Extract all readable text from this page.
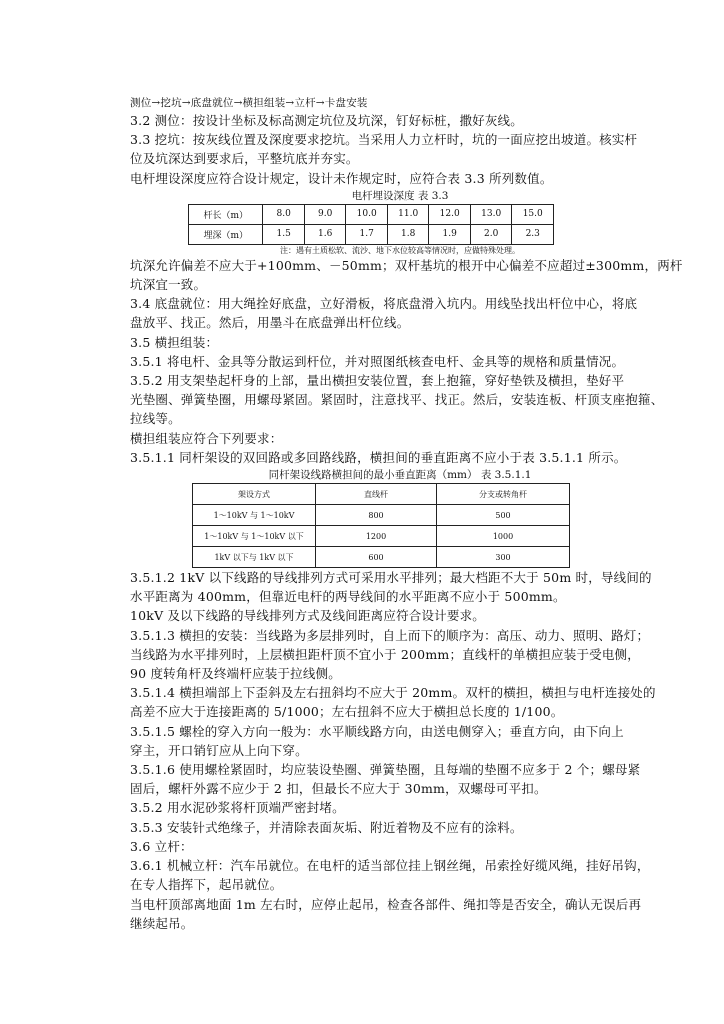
测位→挖坑→底盘就位→横担组装→立杆→卡盘安装

3.2 测位：按设计坐标及标高测定坑位及坑深，钉好标桩，撒好灰线。

3.3 挖坑：按灰线位置及深度要求挖坑。当采用人力立杆时，坑的一面应挖出坡道。核实杆

位及坑深达到要求后，平整坑底并夯实。

电杆埋设深度应符合设计规定，设计未作规定时，应符合表 3.3 所列数值。

电杆埋设深度 表 3.3
杆长（m）	8.0	9.0	10.0	11.0	12.0	13.0	15.0
埋深（m）	1.5	1.6	1.7	1.8	1.9	2.0	2.3
注：遇有土质松软、流沙、地下水位较高等情况时，应做特殊处理。

坑深允许偏差不应大于+100mm、－50mm；双杆基坑的根开中心偏差不应超过±300mm，两杆

坑深宜一致。

3.4 底盘就位：用大绳拴好底盘，立好滑板，将底盘滑入坑内。用线坠找出杆位中心，将底

盘放平、找正。然后，用墨斗在底盘弹出杆位线。

3.5 横担组装：

3.5.1 将电杆、金具等分散运到杆位，并对照图纸核查电杆、金具等的规格和质量情况。

3.5.2 用支架垫起杆身的上部，量出横担安装位置，套上抱箍，穿好垫铁及横担，垫好平

光垫圈、弹簧垫圈，用螺母紧固。紧固时，注意找平、找正。然后，安装连板、杆顶支座抱箍、

拉线等。

横担组装应符合下列要求：

3.5.1.1 同杆架设的双回路或多回路线路，横担间的垂直距离不应小于表 3.5.1.1 所示。

同杆架设线路横担间的最小垂直距离（mm） 表 3.5.1.1
架设方式	直线杆	分支或转角杆
1～10kV 与 1～10kV	800	500
1～10kV 与 1～10kV 以下	1200	1000
1kV 以下与 1kV 以下	600	300

3.5.1.2 1kV 以下线路的导线排列方式可采用水平排列；最大档距不大于 50m 时，导线间的

水平距离为 400mm，但靠近电杆的两导线间的水平距离不应小于 500mm。

10kV 及以下线路的导线排列方式及线间距离应符合设计要求。

3.5.1.3 横担的安装：当线路为多层排列时，自上而下的顺序为：高压、动力、照明、路灯；

当线路为水平排列时，上层横担距杆顶不宜小于 200mm；直线杆的单横担应装于受电侧，

90 度转角杆及终端杆应装于拉线侧。

3.5.1.4 横担端部上下歪斜及左右扭斜均不应大于 20mm。双杆的横担，横担与电杆连接处的

高差不应大于连接距离的 5/1000；左右扭斜不应大于横担总长度的 1/100。

3.5.1.5 螺栓的穿入方向一般为：水平顺线路方向，由送电侧穿入；垂直方向，由下向上

穿主，开口销钉应从上向下穿。

3.5.1.6 使用螺栓紧固时，均应装设垫圈、弹簧垫圈，且每端的垫圈不应多于 2 个；螺母紧

固后，螺杆外露不应少于 2 扣，但最长不应大于 30mm，双螺母可平扣。

3.5.2 用水泥砂浆将杆顶端严密封堵。

3.5.3 安装针式绝缘子，并清除表面灰垢、附近着物及不应有的涂料。

3.6 立杆：

3.6.1 机械立杆：汽车吊就位。在电杆的适当部位挂上钢丝绳，吊索拴好缆风绳，挂好吊钩，

在专人指挥下，起吊就位。

当电杆顶部离地面 1m 左右时，应停止起吊，检查各部件、绳扣等是否安全，确认无误后再

继续起吊。
